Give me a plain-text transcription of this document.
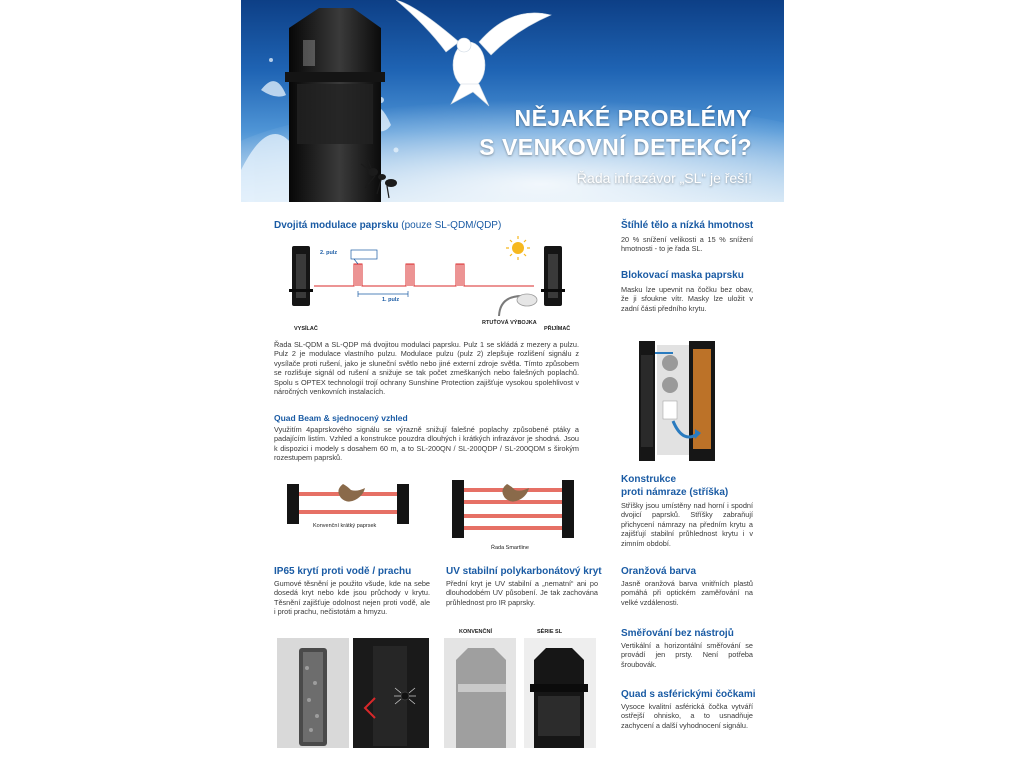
NĚJAKÉ PROBLÉMY
S VENKOVNÍ DETEKCÍ?
Řada infrazávor „SL“ je řeší!
Dvojitá modulace paprsku (pouze SL-QDM/QDP)
2. pulz
1. pulz
VYSÍLAČ	PŘIJÍMAČ
RTUŤOVÁ VÝBOJKA
Řada SL-QDM a SL-QDP má dvojitou modulaci paprsku. Pulz 1 se skládá z mezery a pulzu. Pulz 2 je modulace vlastního pulzu. Modulace pulzu (pulz 2) zlepšuje rozlišení signálu z vysílače proti rušení, jako je sluneční světlo nebo jiné externí zdroje světla. Tímto způsobem se rozlišuje signál od rušení a snižuje se tak počet zmeškaných nebo falešných poplachů. Spolu s OPTEX technologií trojí ochrany Sunshine Protection zajišťuje vysokou spolehlivost v náročných venkovních instalacích.
Quad Beam & sjednocený vzhled
Využitím 4paprskového signálu se výrazně snižují falešné poplachy způsobené ptáky a padajícím listím. Vzhled a konstrukce pouzdra dlouhých i krátkých infrazávor je shodná. Jsou k dispozici i modely s dosahem 60 m, a to SL-200QN / SL-200QDP / SL-200QDM s širokým rozestupem paprsků.
Konvenční krátký paprsek
Řada Smartline
IP65 krytí proti vodě / prachu
Gumové těsnění je použito všude, kde na sebe dosedá kryt nebo kde jsou průchody v krytu. Těsnění zajišťuje odolnost nejen proti vodě, ale i proti prachu, nečistotám a hmyzu.
UV stabilní polykarbonátový kryt
Přední kryt je UV stabilní a „nematní“ ani po dlouhodobém UV působení. Je tak zachována průhlednost pro IR paprsky.
KONVENČNÍ	SÉRIE SL
Štíhlé tělo a nízká hmotnost
20 % snížení velikosti a 15 % snížení hmotnosti - to je řada SL.
Blokovací maska paprsku
Masku lze upevnit na čočku bez obav, že ji sfoukne vítr. Masky lze uložit v zadní části předního krytu.
Konstrukce
proti námraze (stříška)
Stříšky jsou umístěny nad horní i spodní dvojicí paprsků. Stříšky zabraňují přichycení námrazy na předním krytu a zajišťují stabilní průhlednost krytu i v zimním období.
Oranžová barva
Jasně oranžová barva vnitřních plastů pomáhá při optickém zaměřování na velké vzdálenosti.
Směřování bez nástrojů
Vertikální a horizontální směřování se provádí jen prsty. Není potřeba šroubovák.
Quad s asférickými čočkami
Vysoce kvalitní asférická čočka vytváří ostřejší ohnisko, a to usnadňuje zachycení a další vyhodnocení signálu.
